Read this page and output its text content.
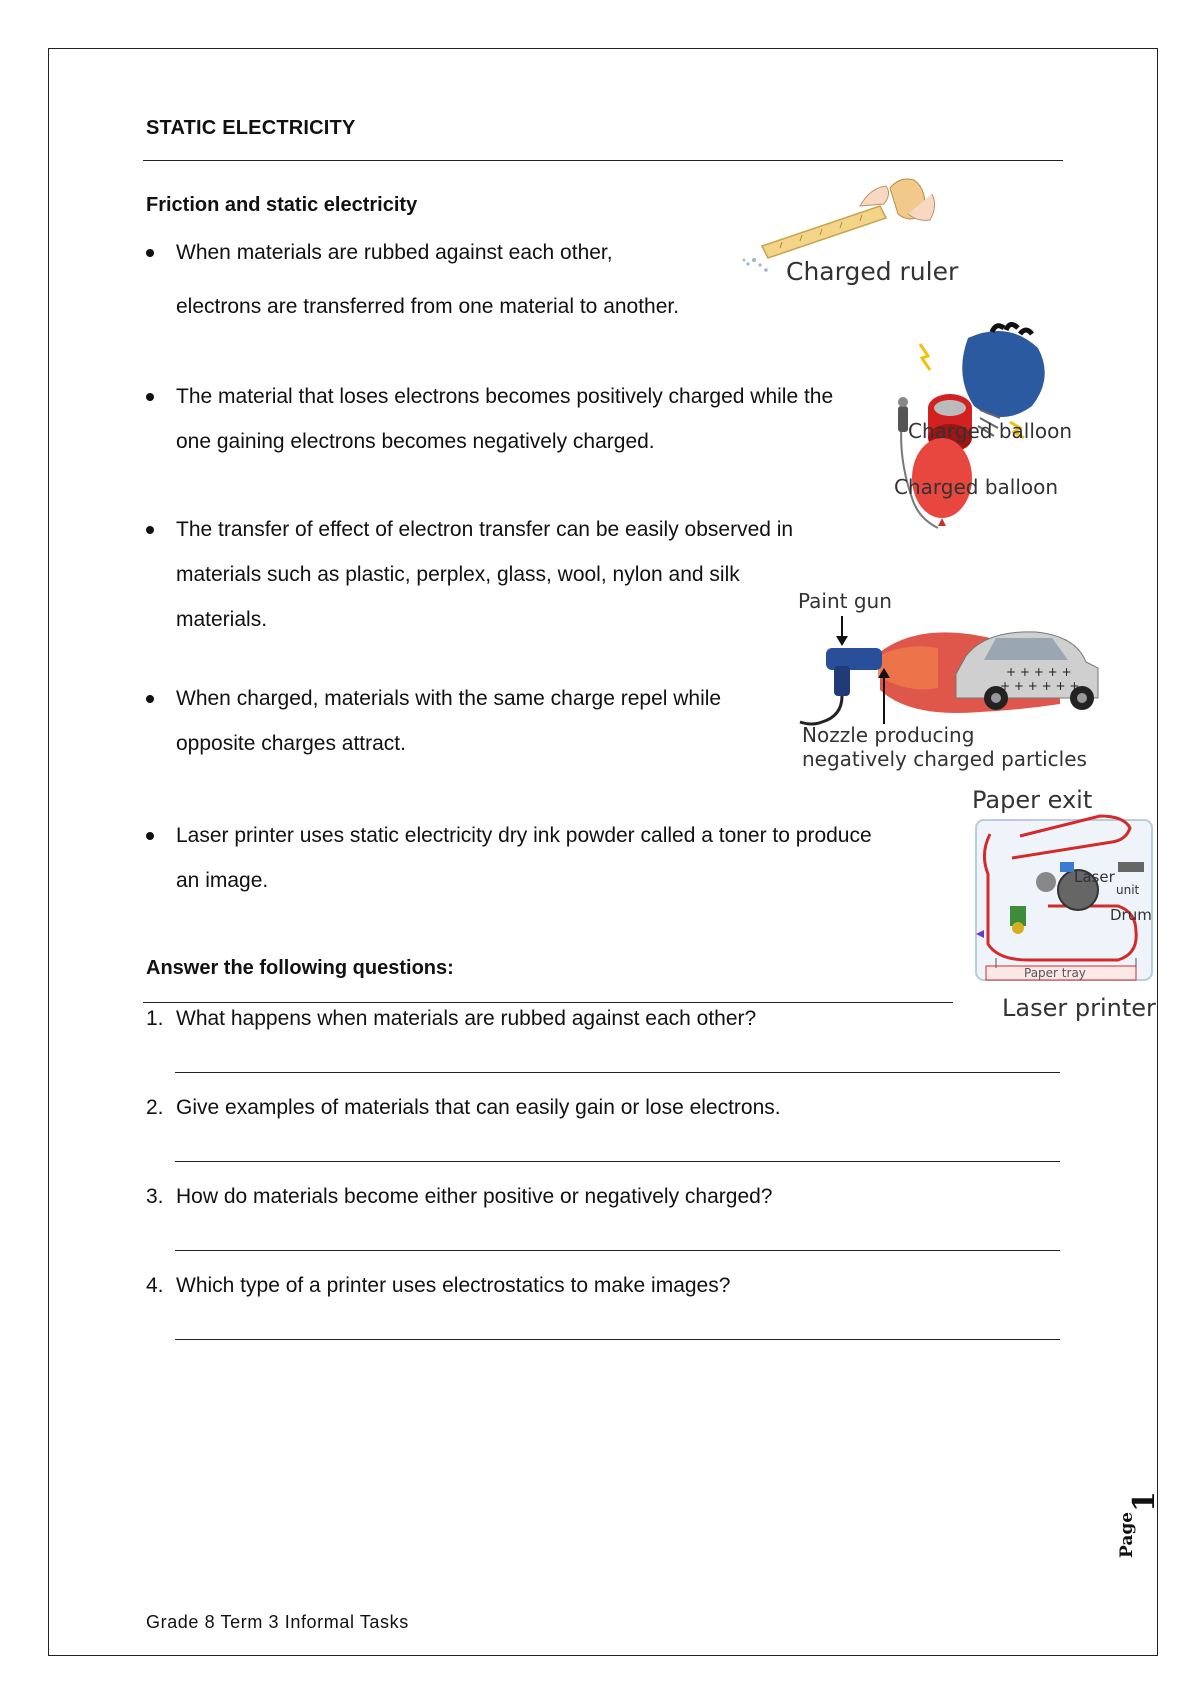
STATIC ELECTRICITY
Friction and static electricity
When materials are rubbed against each other,
electrons are transferred from one material to another.
The material that loses electrons becomes positively charged while the
one gaining electrons becomes negatively charged.
The transfer of effect of electron transfer can be easily observed in
materials such as plastic, perplex, glass, wool, nylon and silk
materials.
When charged, materials with the same charge repel while
opposite charges attract.
Laser printer uses static electricity dry ink powder called a toner to produce
an image.
Answer the following questions:
1. What happens when materials are rubbed against each other?
2. Give examples of materials that can easily gain or lose electrons.
3. How do materials become either positive or negatively charged?
4. Which type of a printer uses electrostatics to make images?
Grade 8 Term 3 Informal Tasks
Page
1
Charged ruler
Charged balloon
Charged balloon
Paint gun
+ + + + +
+ + + + + +
Nozzle producing
negatively charged particles
Paper exit
Laser
unit
Drum
Paper tray
Laser printer
